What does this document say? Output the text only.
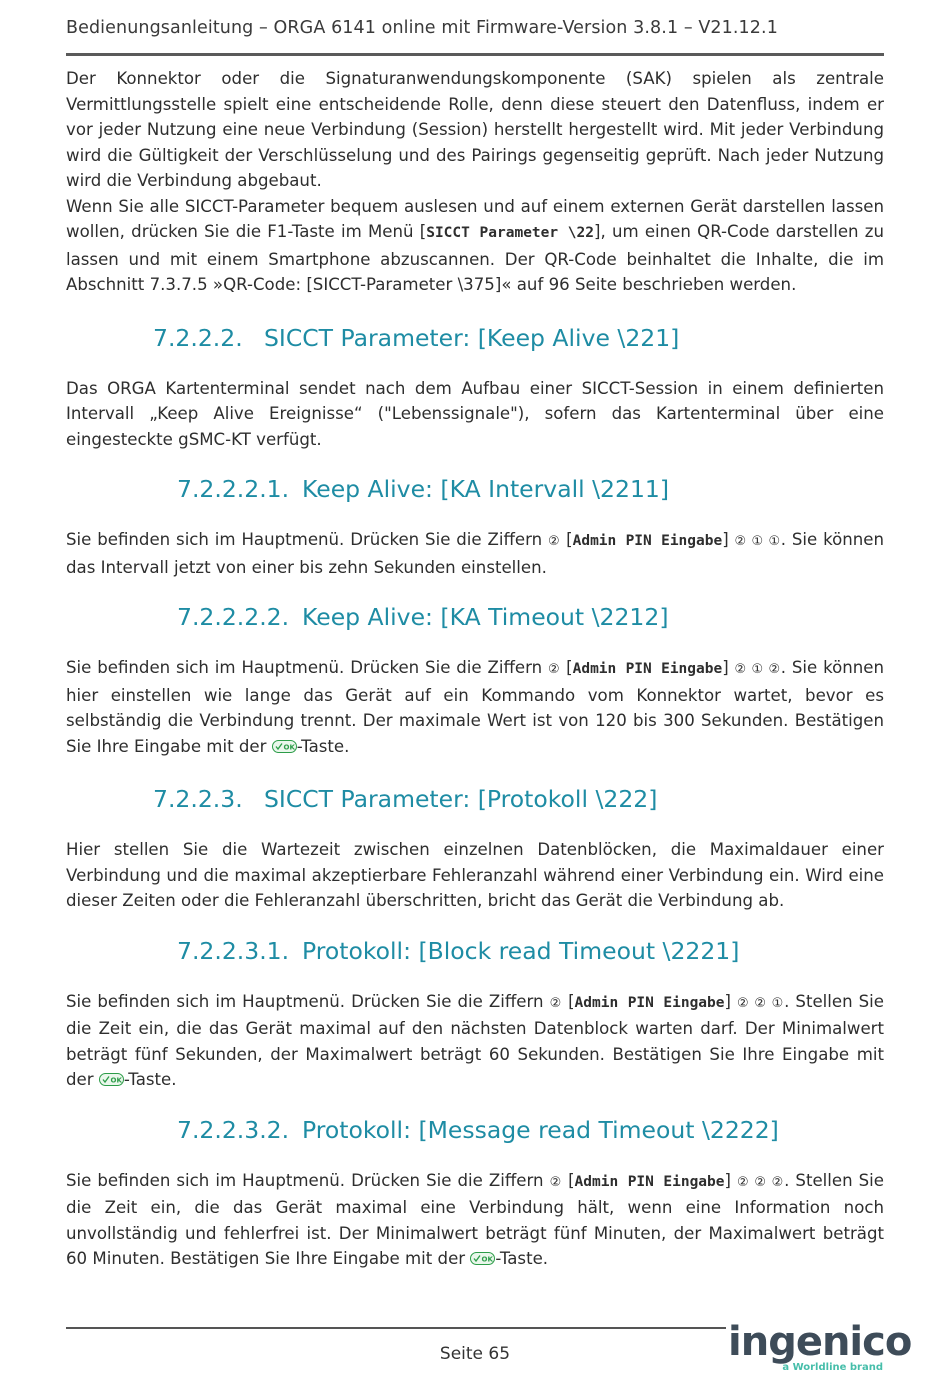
Bedienungsanleitung – ORGA 6141 online mit Firmware-Version 3.8.1 – V21.12.1

Der Konnektor oder die Signaturanwendungskomponente (SAK) spielen als zentrale Vermittlungsstelle spielt eine entscheidende Rolle, denn diese steuert den Datenfluss, indem er vor jeder Nutzung eine neue Verbindung (Session) herstellt hergestellt wird. Mit jeder Verbindung wird die Gültigkeit der Verschlüsselung und des Pairings gegenseitig geprüft. Nach jeder Nutzung wird die Verbindung abgebaut.

Wenn Sie alle SICCT-Parameter bequem auslesen und auf einem externen Gerät darstellen lassen wollen, drücken Sie die F1-Taste im Menü [SICCT Parameter \22], um einen QR-Code darstellen zu lassen und mit einem Smartphone abzuscannen. Der QR-Code beinhaltet die Inhalte, die im Abschnitt 7.3.7.5 »QR-Code: [SICCT-Parameter \375]« auf 96 Seite beschrieben werden.

7.2.2.2. SICCT Parameter: [Keep Alive \221]

Das ORGA Kartenterminal sendet nach dem Aufbau einer SICCT-Session in einem definierten Intervall „Keep Alive Ereignisse“ ("Lebenssignale"), sofern das Kartenterminal über eine eingesteckte gSMC-KT verfügt.

7.2.2.2.1. Keep Alive: [KA Intervall \2211]

Sie befinden sich im Hauptmenü. Drücken Sie die Ziffern ② [Admin PIN Eingabe] ② ① ①. Sie können das Intervall jetzt von einer bis zehn Sekunden einstellen.

7.2.2.2.2. Keep Alive: [KA Timeout \2212]

Sie befinden sich im Hauptmenü. Drücken Sie die Ziffern ② [Admin PIN Eingabe] ② ① ②. Sie können hier einstellen wie lange das Gerät auf ein Kommando vom Konnektor wartet, bevor es selbständig die Verbindung trennt. Der maximale Wert ist von 120 bis 300 Sekunden. Bestätigen Sie Ihre Eingabe mit der OK -Taste.

7.2.2.3. SICCT Parameter: [Protokoll \222]

Hier stellen Sie die Wartezeit zwischen einzelnen Datenblöcken, die Maximaldauer einer Verbindung und die maximal akzeptierbare Fehleranzahl während einer Verbindung ein. Wird eine dieser Zeiten oder die Fehleranzahl überschritten, bricht das Gerät die Verbindung ab.

7.2.2.3.1. Protokoll: [Block read Timeout \2221]

Sie befinden sich im Hauptmenü. Drücken Sie die Ziffern ② [Admin PIN Eingabe] ② ② ①. Stellen Sie die Zeit ein, die das Gerät maximal auf den nächsten Datenblock warten darf. Der Minimalwert beträgt fünf Sekunden, der Maximalwert beträgt 60 Sekunden. Bestätigen Sie Ihre Eingabe mit der OK -Taste.

7.2.2.3.2. Protokoll: [Message read Timeout \2222]

Sie befinden sich im Hauptmenü. Drücken Sie die Ziffern ② [Admin PIN Eingabe] ② ② ②. Stellen Sie die Zeit ein, die das Gerät maximal eine Verbindung hält, wenn eine Information noch unvollständig und fehlerfrei ist. Der Minimalwert beträgt fünf Minuten, der Maximalwert beträgt 60 Minuten. Bestätigen Sie Ihre Eingabe mit der OK -Taste.

Seite 65	ingenico
a Worldline brand
